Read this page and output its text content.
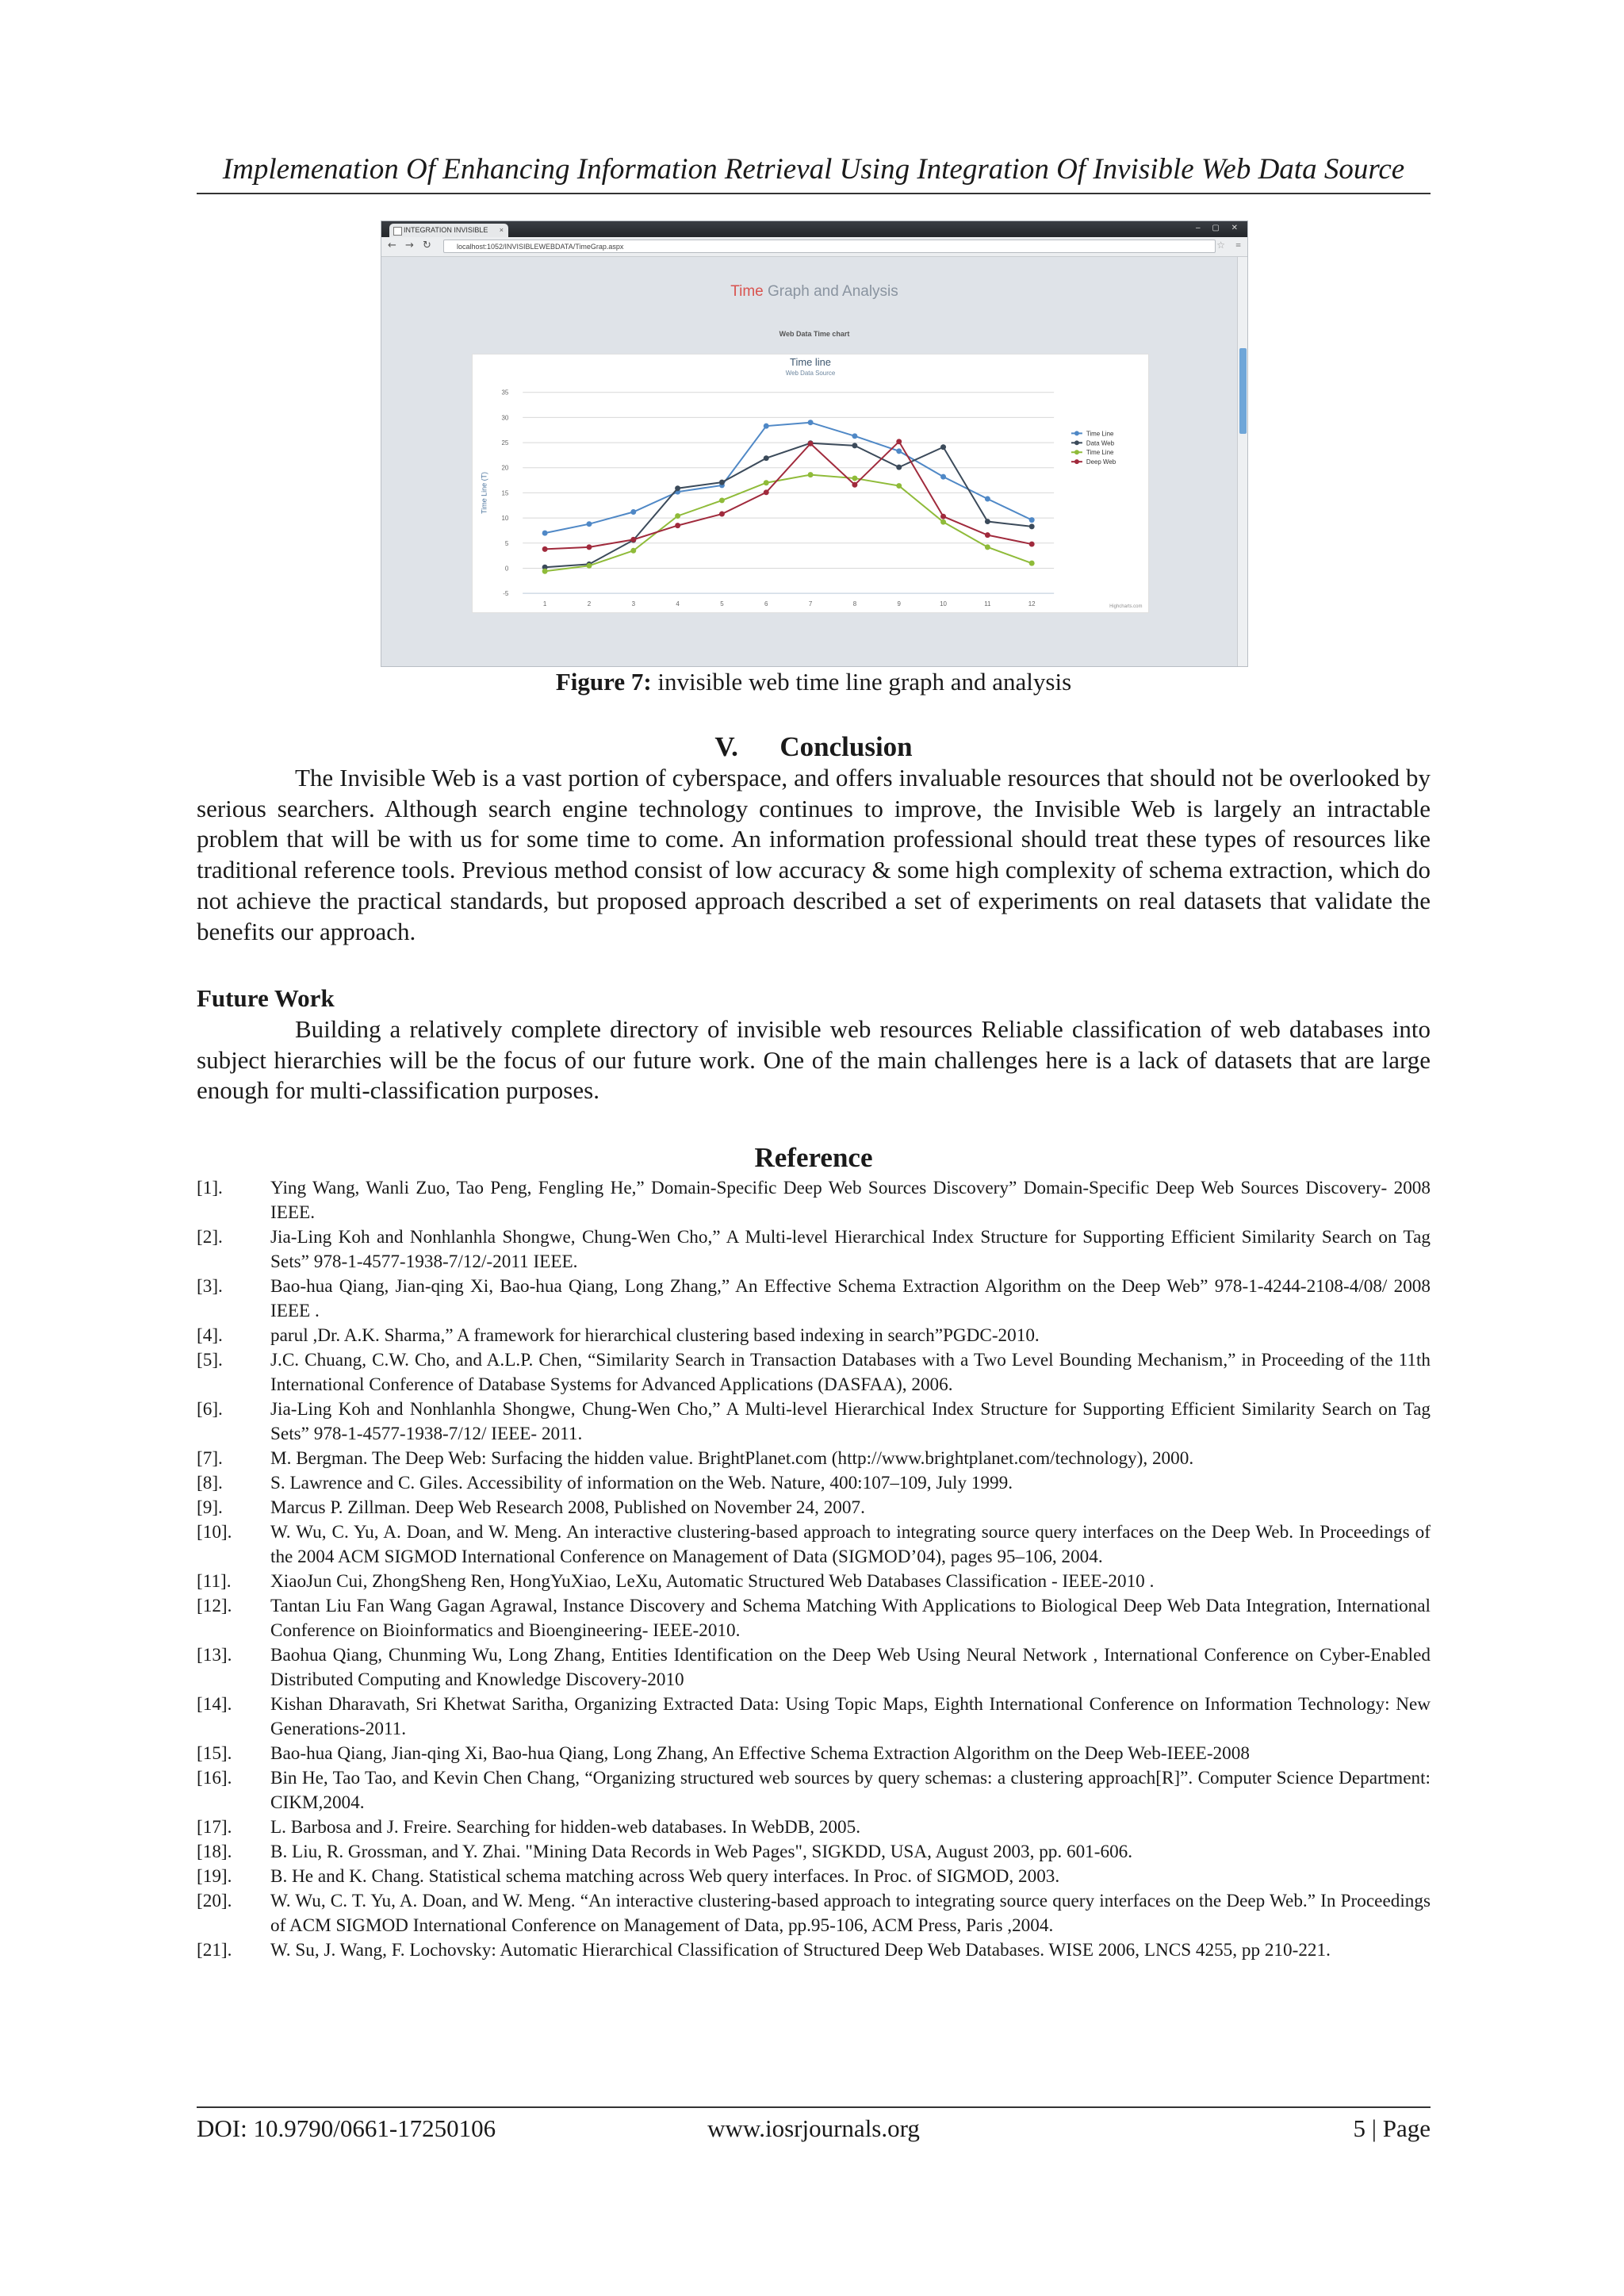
Implemenation Of Enhancing Information Retrieval Using Integration Of Invisible Web Data Source
INTEGRATION INVISIBLE ×	– ▢ ✕
← → ↻	localhost:1052/INVISIBLEWEBDATA/TimeGrap.aspx	☆ ≡
Time Graph and Analysis
Web Data Time chart
Time line
Web Data Source
-5
0
5
10
15
20
25
30
35
1	2	3	4	5	6	7	8	9	10	11	12
Time Line (T)
Time Line
Data Web
Time Line
Deep Web
Highcharts.com
Figure 7: invisible web time line graph and analysis
V.      Conclusion
The Invisible Web is a vast portion of cyberspace, and offers invaluable resources that should not be overlooked by serious searchers. Although search engine technology continues to improve, the Invisible Web is largely an intractable problem that will be with us for some time to come. An information professional should treat these types of resources like traditional reference tools. Previous method consist of low accuracy & some high complexity of schema extraction, which do not achieve the practical standards, but proposed approach described a set of experiments on real datasets that validate the benefits our approach.
Future Work
Building a relatively complete directory of invisible web resources Reliable classification of web databases into subject hierarchies will be the focus of our future work. One of the main challenges here is a lack of datasets that are large enough for multi-classification purposes.
Reference
[1].	Ying Wang, Wanli Zuo, Tao Peng, Fengling He,” Domain-Specific Deep Web Sources Discovery” Domain-Specific Deep Web Sources Discovery- 2008 IEEE.
[2].	Jia-Ling Koh and Nonhlanhla Shongwe, Chung-Wen Cho,” A Multi-level Hierarchical Index Structure for Supporting Efficient Similarity Search on Tag Sets” 978-1-4577-1938-7/12/-2011 IEEE.
[3].	Bao-hua Qiang, Jian-qing Xi, Bao-hua Qiang, Long Zhang,” An Effective Schema Extraction Algorithm on the Deep Web” 978-1-4244-2108-4/08/ 2008 IEEE .
[4].	parul ,Dr. A.K. Sharma,” A framework for hierarchical clustering based indexing in search”PGDC-2010.
[5].	J.C. Chuang, C.W. Cho, and A.L.P. Chen, “Similarity Search in Transaction Databases with a Two Level Bounding Mechanism,” in Proceeding of the 11th International Conference of Database Systems for Advanced Applications (DASFAA), 2006.
[6].	Jia-Ling Koh and Nonhlanhla Shongwe, Chung-Wen Cho,” A Multi-level Hierarchical Index Structure for Supporting Efficient Similarity Search on Tag Sets” 978-1-4577-1938-7/12/ IEEE- 2011.
[7].	M. Bergman. The Deep Web: Surfacing the hidden value. BrightPlanet.com (http://www.brightplanet.com/technology), 2000.
[8].	S. Lawrence and C. Giles. Accessibility of information on the Web. Nature, 400:107–109, July 1999.
[9].	Marcus P. Zillman. Deep Web Research 2008, Published on November 24, 2007.
[10]. W. Wu, C. Yu, A. Doan, and W. Meng. An interactive clustering-based approach to integrating source query interfaces on the Deep Web. In Proceedings of the 2004 ACM SIGMOD International Conference on Management of Data (SIGMOD’04), pages 95–106, 2004.
[11]. XiaoJun Cui, ZhongSheng Ren, HongYuXiao, LeXu, Automatic Structured Web Databases Classification - IEEE-2010 .
[12]. Tantan Liu Fan Wang Gagan Agrawal, Instance Discovery and Schema Matching With Applications to Biological Deep Web Data Integration, International Conference on Bioinformatics and Bioengineering- IEEE-2010.
[13]. Baohua Qiang, Chunming Wu, Long Zhang, Entities Identification on the Deep Web Using Neural Network , International Conference on Cyber-Enabled Distributed Computing and Knowledge Discovery-2010
[14]. Kishan Dharavath, Sri Khetwat Saritha, Organizing Extracted Data: Using Topic Maps, Eighth International Conference on Information Technology: New Generations-2011.
[15]. Bao-hua Qiang, Jian-qing Xi, Bao-hua Qiang, Long Zhang, An Effective Schema Extraction Algorithm on the Deep Web-IEEE-2008
[16]. Bin He, Tao Tao, and Kevin Chen Chang, “Organizing structured web sources by query schemas: a clustering approach[R]”. Computer Science Department: CIKM,2004.
[17]. L. Barbosa and J. Freire. Searching for hidden-web databases. In WebDB, 2005.
[18]. B. Liu, R. Grossman, and Y. Zhai. "Mining Data Records in Web Pages", SIGKDD, USA, August 2003, pp. 601-606.
[19]. B. He and K. Chang. Statistical schema matching across Web query interfaces. In Proc. of SIGMOD, 2003.
[20]. W. Wu, C. T. Yu, A. Doan, and W. Meng. “An interactive clustering-based approach to integrating source query interfaces on the Deep Web.” In Proceedings of ACM SIGMOD International Conference on Management of Data, pp.95-106, ACM Press, Paris ,2004.
[21]. W. Su, J. Wang, F. Lochovsky: Automatic Hierarchical Classification of Structured Deep Web Databases. WISE 2006, LNCS 4255, pp 210-221.
DOI: 10.9790/0661-17250106	www.iosrjournals.org	5 | Page
